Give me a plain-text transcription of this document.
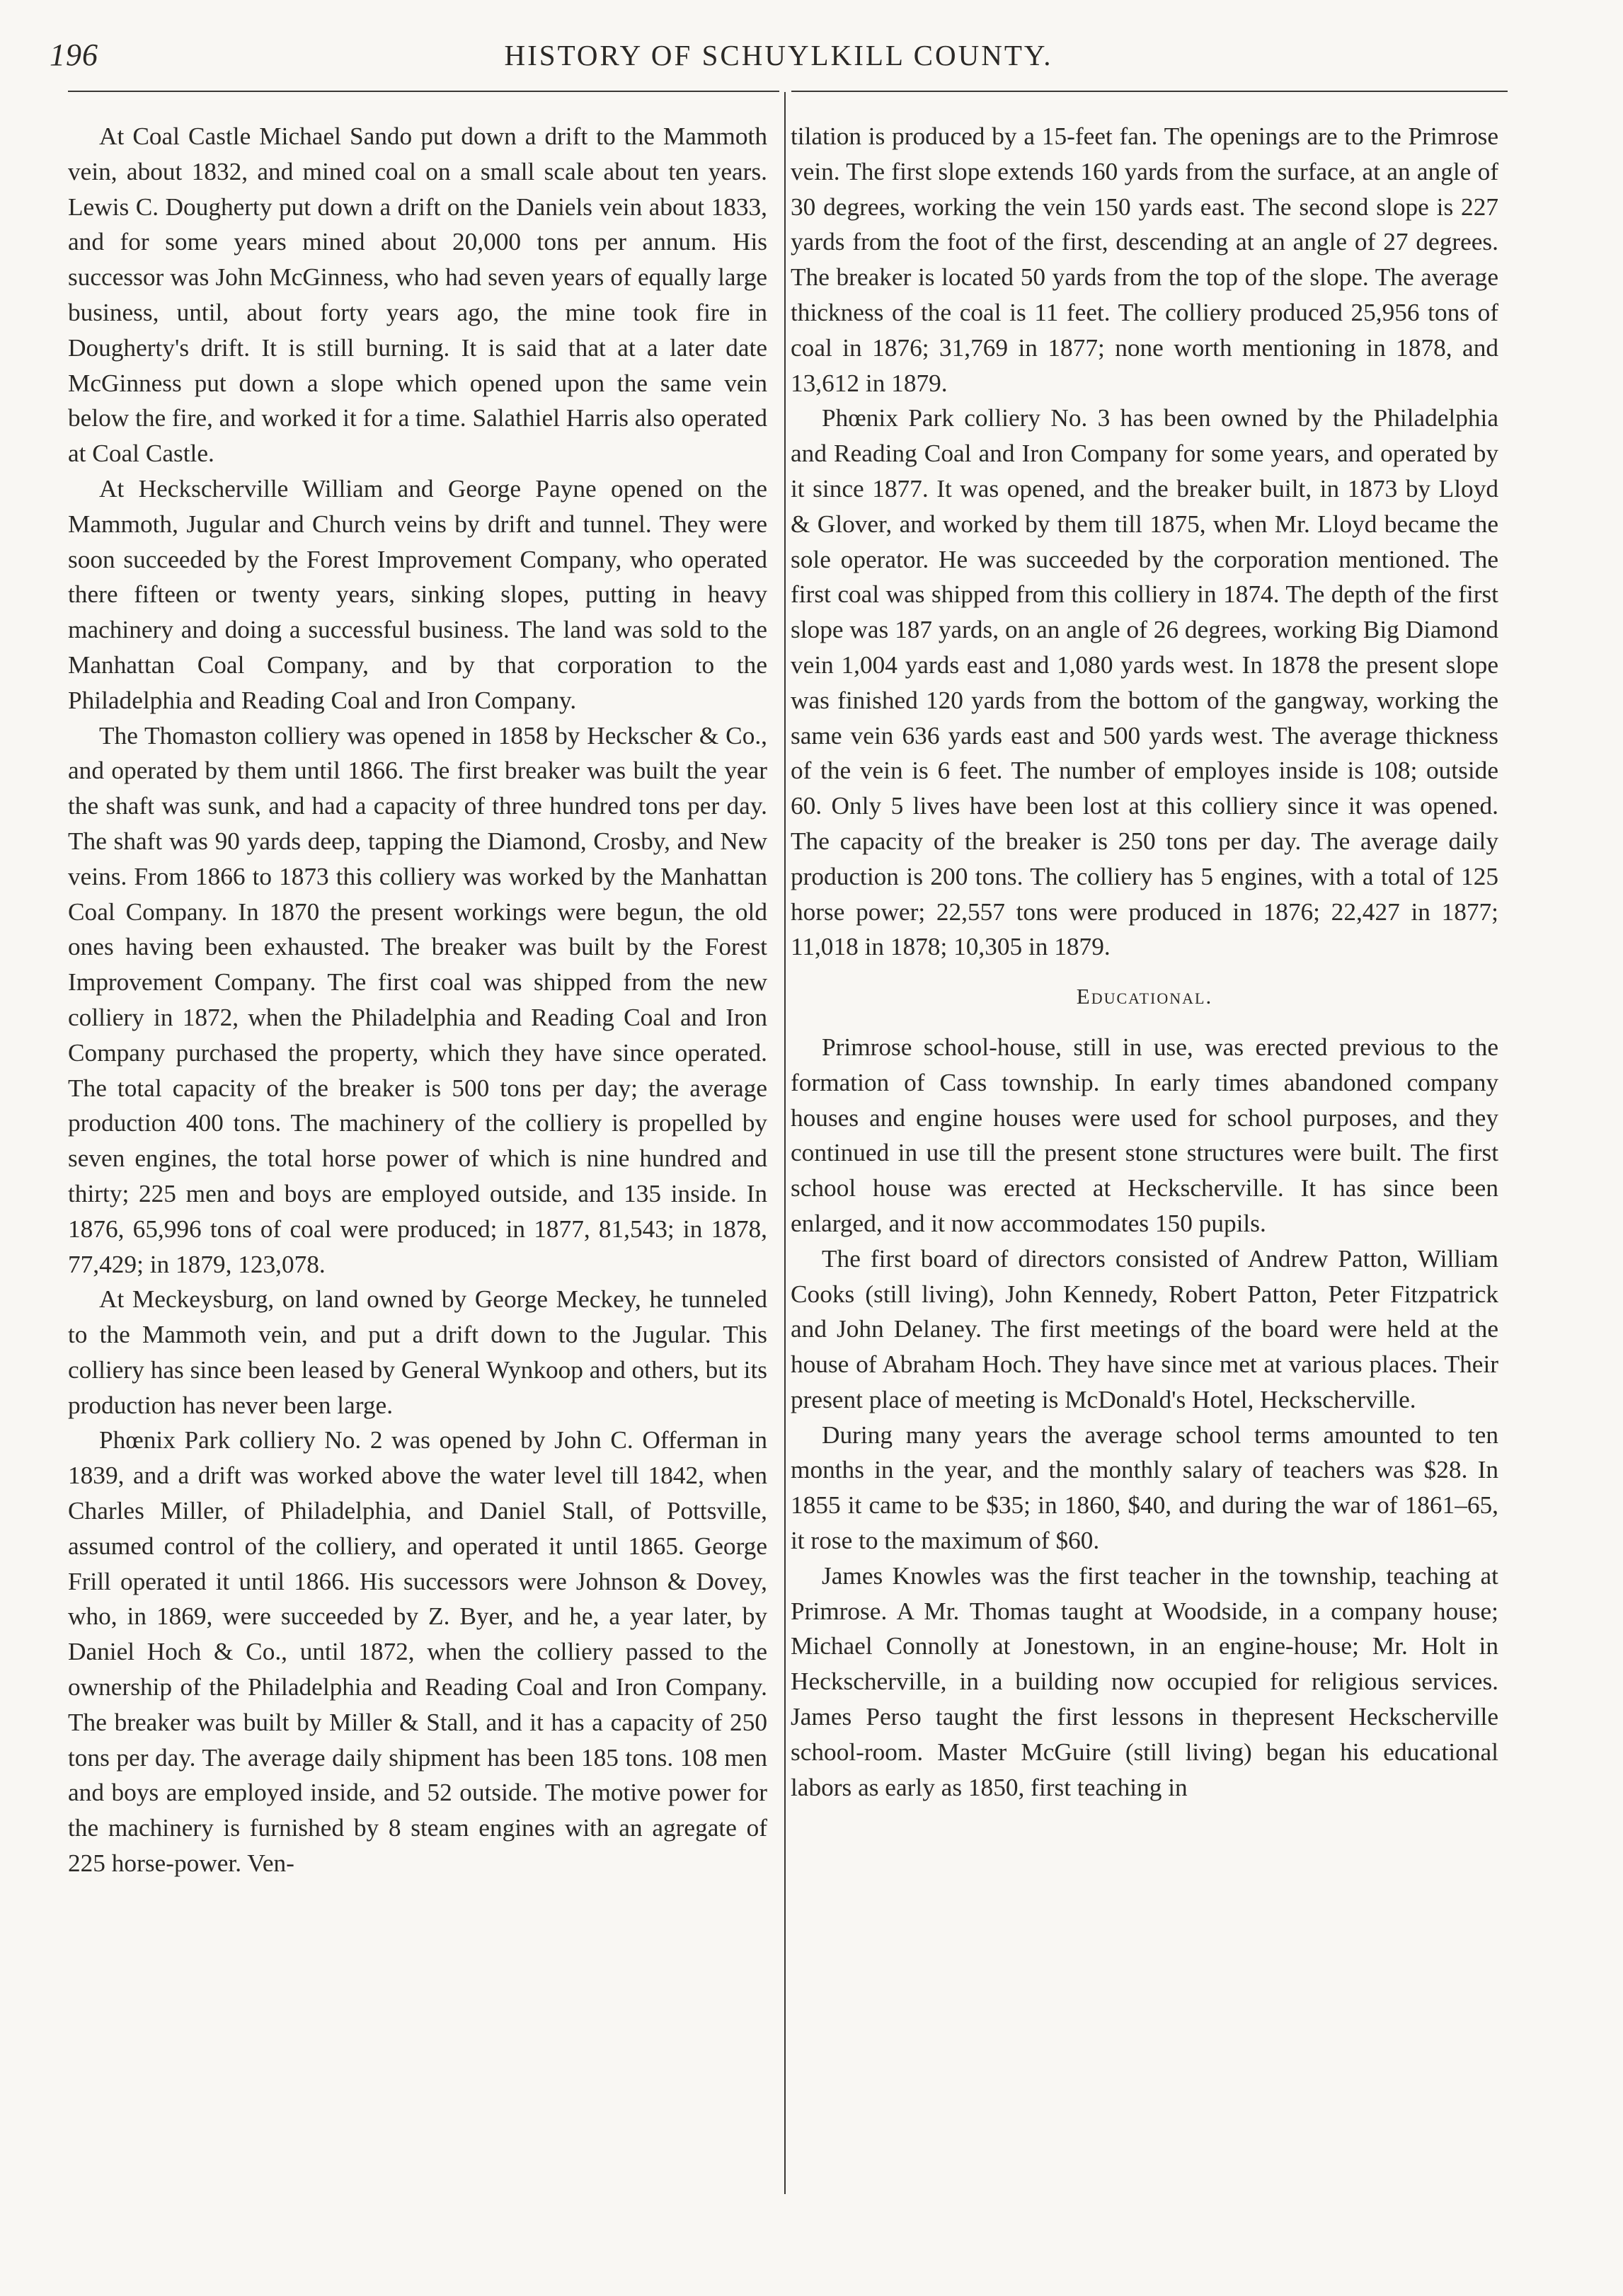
196	HISTORY OF SCHUYLKILL COUNTY.

At Coal Castle Michael Sando put down a drift to the Mammoth vein, about 1832, and mined coal on a small scale about ten years. Lewis C. Dougherty put down a drift on the Daniels vein about 1833, and for some years mined about 20,000 tons per annum. His successor was John McGinness, who had seven years of equally large business, until, about forty years ago, the mine took fire in Dougherty's drift. It is still burning. It is said that at a later date McGinness put down a slope which opened upon the same vein below the fire, and worked it for a time. Salathiel Harris also operated at Coal Castle.

At Heckscherville William and George Payne opened on the Mammoth, Jugular and Church veins by drift and tunnel. They were soon succeeded by the Forest Improvement Company, who operated there fifteen or twenty years, sinking slopes, putting in heavy machinery and doing a successful business. The land was sold to the Manhattan Coal Company, and by that corporation to the Philadelphia and Reading Coal and Iron Company.

The Thomaston colliery was opened in 1858 by Heckscher & Co., and operated by them until 1866. The first breaker was built the year the shaft was sunk, and had a capacity of three hundred tons per day. The shaft was 90 yards deep, tapping the Diamond, Crosby, and New veins. From 1866 to 1873 this colliery was worked by the Manhattan Coal Company. In 1870 the present workings were begun, the old ones having been exhausted. The breaker was built by the Forest Improvement Company. The first coal was shipped from the new colliery in 1872, when the Philadelphia and Reading Coal and Iron Company purchased the property, which they have since operated. The total capacity of the breaker is 500 tons per day; the average production 400 tons. The machinery of the colliery is propelled by seven engines, the total horse power of which is nine hundred and thirty; 225 men and boys are employed outside, and 135 inside. In 1876, 65,996 tons of coal were produced; in 1877, 81,543; in 1878, 77,429; in 1879, 123,078.

At Meckeysburg, on land owned by George Meckey, he tunneled to the Mammoth vein, and put a drift down to the Jugular. This colliery has since been leased by General Wynkoop and others, but its production has never been large.

Phœnix Park colliery No. 2 was opened by John C. Offerman in 1839, and a drift was worked above the water level till 1842, when Charles Miller, of Philadelphia, and Daniel Stall, of Pottsville, assumed control of the colliery, and operated it until 1865. George Frill operated it until 1866. His successors were Johnson & Dovey, who, in 1869, were succeeded by Z. Byer, and he, a year later, by Daniel Hoch & Co., until 1872, when the colliery passed to the ownership of the Philadelphia and Reading Coal and Iron Company. The breaker was built by Miller & Stall, and it has a capacity of 250 tons per day. The average daily shipment has been 185 tons. 108 men and boys are employed inside, and 52 outside. The motive power for the machinery is furnished by 8 steam engines with an agregate of 225 horse-power. Ven-

tilation is produced by a 15-feet fan. The openings are to the Primrose vein. The first slope extends 160 yards from the surface, at an angle of 30 degrees, working the vein 150 yards east. The second slope is 227 yards from the foot of the first, descending at an angle of 27 degrees. The breaker is located 50 yards from the top of the slope. The average thickness of the coal is 11 feet. The colliery produced 25,956 tons of coal in 1876; 31,769 in 1877; none worth mentioning in 1878, and 13,612 in 1879.

Phœnix Park colliery No. 3 has been owned by the Philadelphia and Reading Coal and Iron Company for some years, and operated by it since 1877. It was opened, and the breaker built, in 1873 by Lloyd & Glover, and worked by them till 1875, when Mr. Lloyd became the sole operator. He was succeeded by the corporation mentioned. The first coal was shipped from this colliery in 1874. The depth of the first slope was 187 yards, on an angle of 26 degrees, working Big Diamond vein 1,004 yards east and 1,080 yards west. In 1878 the present slope was finished 120 yards from the bottom of the gangway, working the same vein 636 yards east and 500 yards west. The average thickness of the vein is 6 feet. The number of employes inside is 108; outside 60. Only 5 lives have been lost at this colliery since it was opened. The capacity of the breaker is 250 tons per day. The average daily production is 200 tons. The colliery has 5 engines, with a total of 125 horse power; 22,557 tons were produced in 1876; 22,427 in 1877; 11,018 in 1878; 10,305 in 1879.

Educational.

Primrose school-house, still in use, was erected previous to the formation of Cass township. In early times abandoned company houses and engine houses were used for school purposes, and they continued in use till the present stone structures were built. The first school house was erected at Heckscherville. It has since been enlarged, and it now accommodates 150 pupils.

The first board of directors consisted of Andrew Patton, William Cooks (still living), John Kennedy, Robert Patton, Peter Fitzpatrick and John Delaney. The first meetings of the board were held at the house of Abraham Hoch. They have since met at various places. Their present place of meeting is McDonald's Hotel, Heckscherville.

During many years the average school terms amounted to ten months in the year, and the monthly salary of teachers was $28. In 1855 it came to be $35; in 1860, $40, and during the war of 1861–65, it rose to the maximum of $60.

James Knowles was the first teacher in the township, teaching at Primrose. A Mr. Thomas taught at Woodside, in a company house; Michael Connolly at Jonestown, in an engine-house; Mr. Holt in Heckscherville, in a building now occupied for religious services. James Perso taught the first lessons in thepresent Heckscherville school-room. Master McGuire (still living) began his educational labors as early as 1850, first teaching in
